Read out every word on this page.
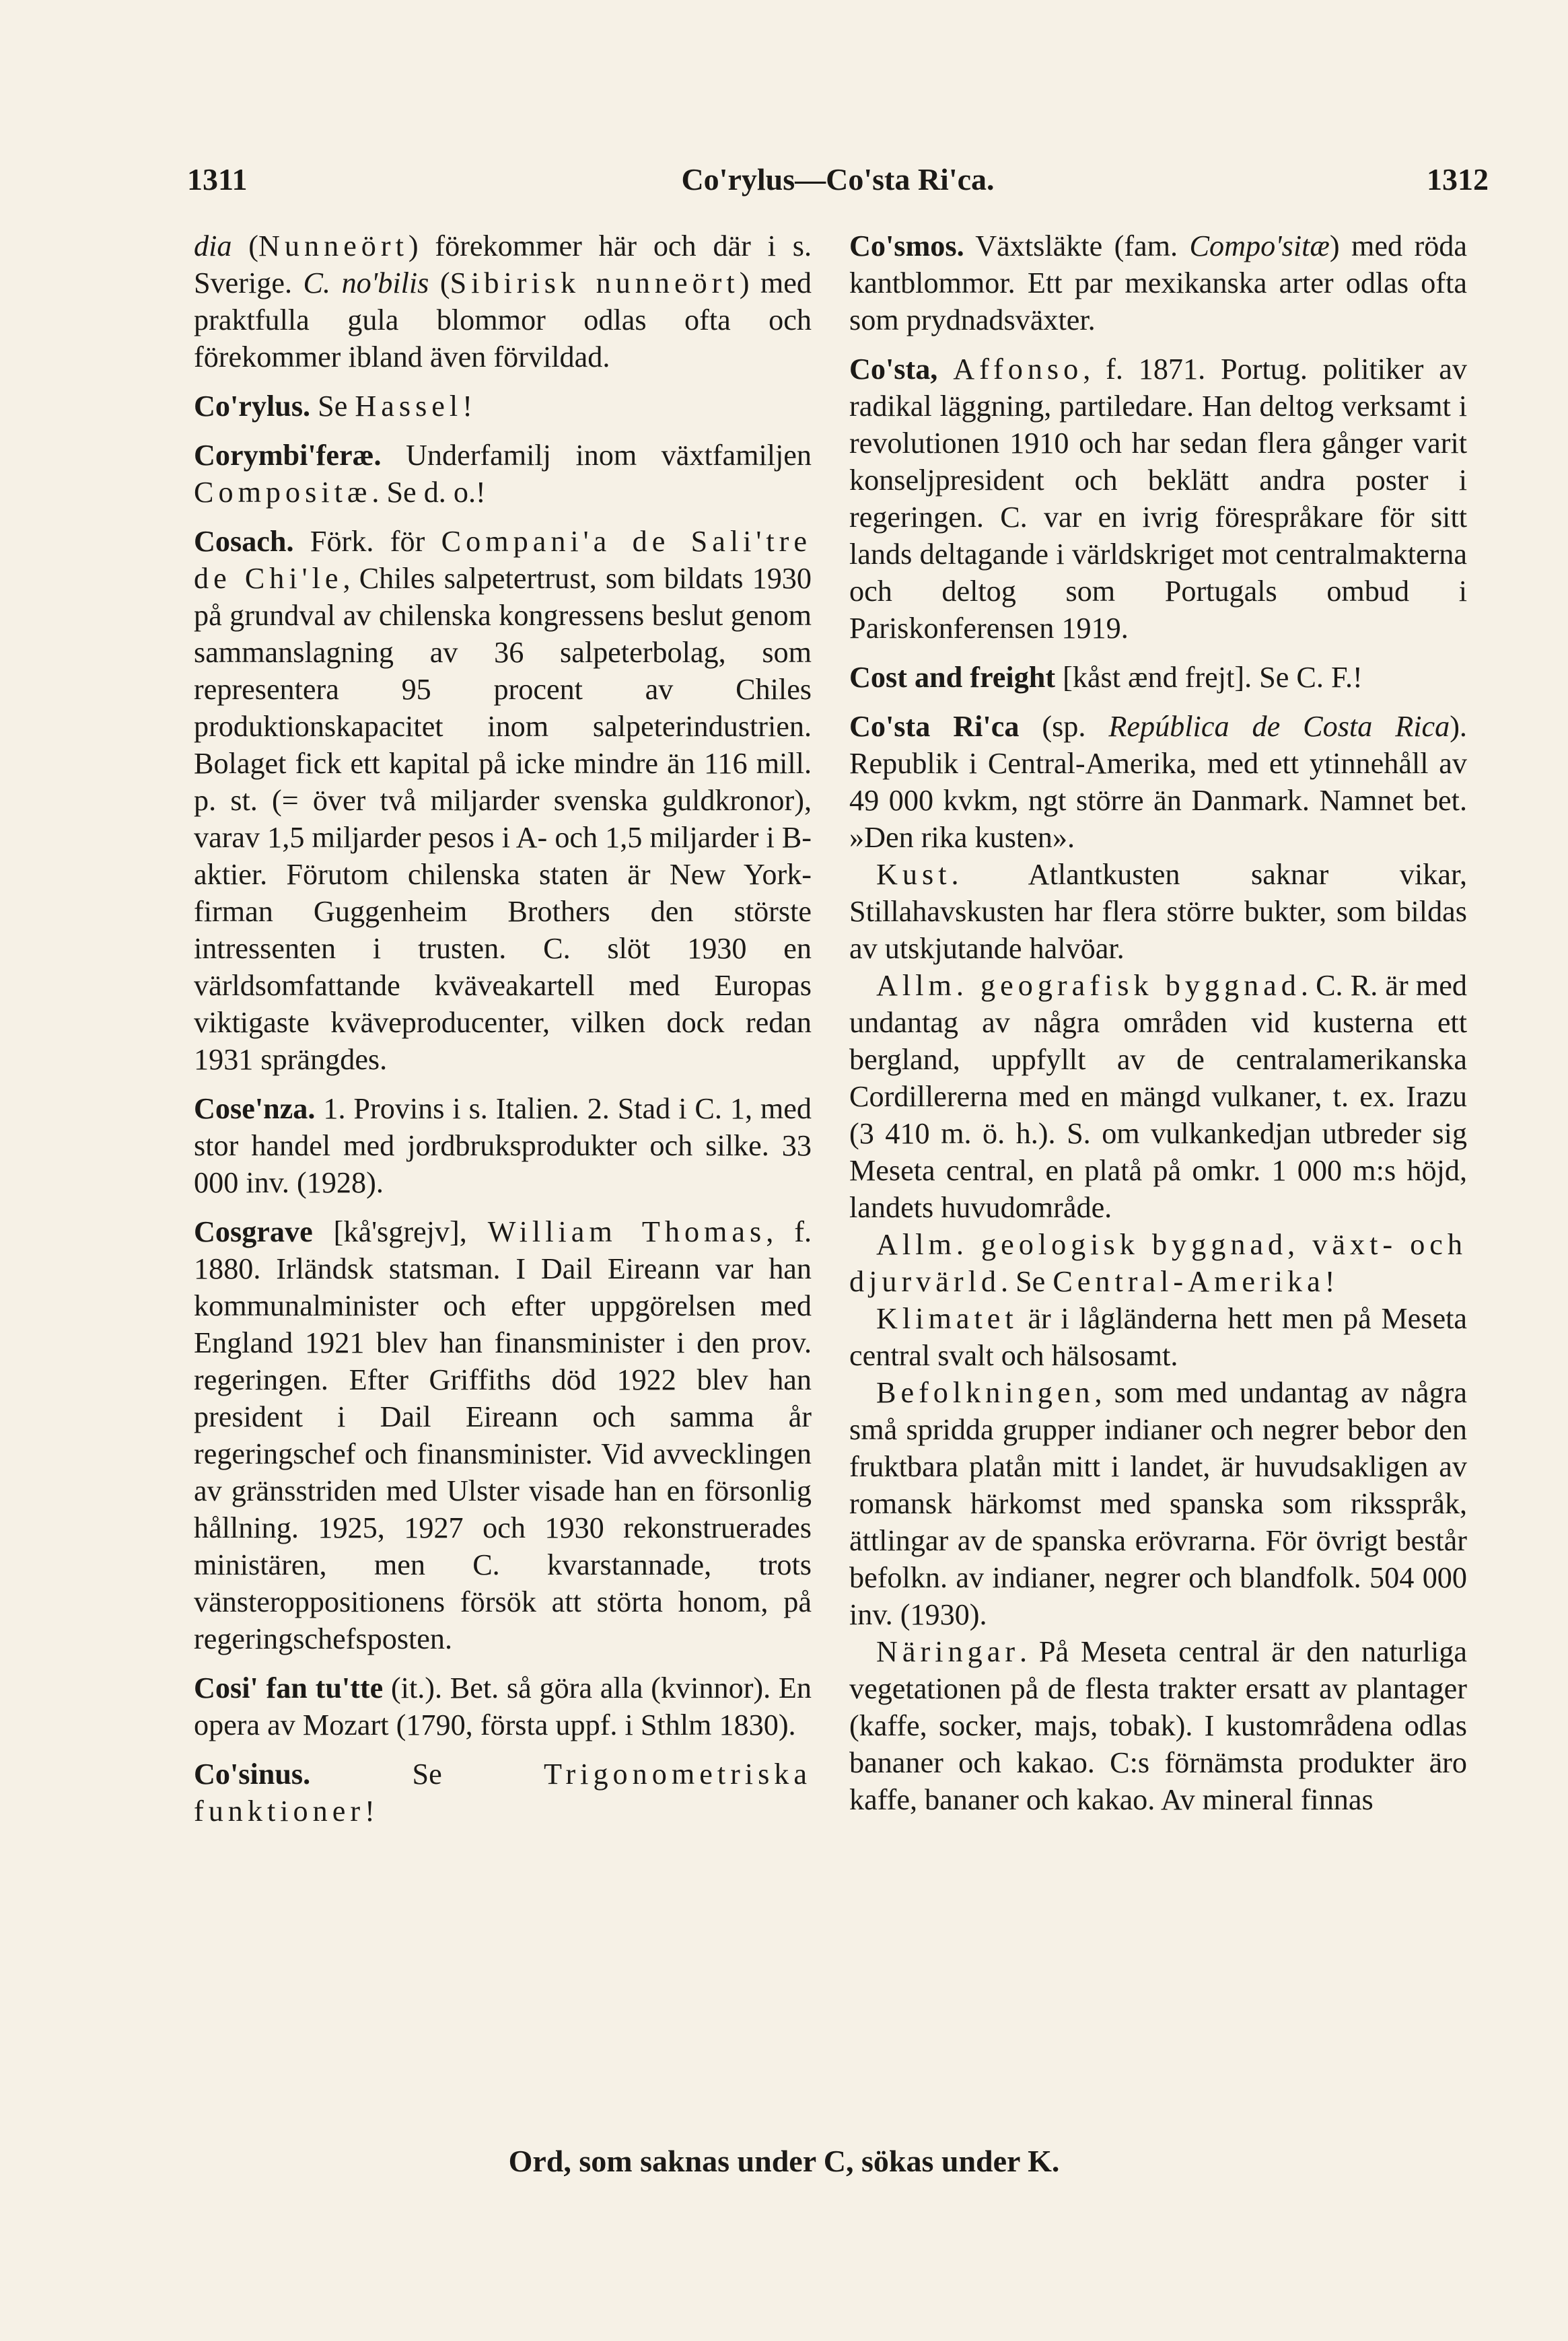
1311	Co'rylus—Co'sta Ri'ca.	1312

dia (Nunneört) förekommer här och där i s. Sverige. C. no'bilis (Sibirisk nunneört) med praktfulla gula blommor odlas ofta och förekommer ibland även förvildad.

Co'rylus. Se Hassel!

Corymbi'feræ. Underfamilj inom växtfamiljen Compositæ. Se d. o.!

Cosach. Förk. för Compani'a de Sali'tre de Chi'le, Chiles salpetertrust, som bildats 1930 på grundval av chilenska kongressens beslut genom sammanslagning av 36 salpeterbolag, som representera 95 procent av Chiles produktionskapacitet inom salpeterindustrien. Bolaget fick ett kapital på icke mindre än 116 mill. p. st. (= över två miljarder svenska guldkronor), varav 1,5 miljarder pesos i A- och 1,5 miljarder i B-aktier. Förutom chilenska staten är New York-firman Guggenheim Brothers den störste intressenten i trusten. C. slöt 1930 en världsomfattande kväveakartell med Europas viktigaste kväveproducenter, vilken dock redan 1931 sprängdes.

Cose'nza. 1. Provins i s. Italien. 2. Stad i C. 1, med stor handel med jordbruksprodukter och silke. 33 000 inv. (1928).

Cosgrave [kå'sgrejv], William Thomas, f. 1880. Irländsk statsman. I Dail Eireann var han kommunalminister och efter uppgörelsen med England 1921 blev han finansminister i den prov. regeringen. Efter Griffiths död 1922 blev han president i Dail Eireann och samma år regeringschef och finansminister. Vid avvecklingen av gränsstriden med Ulster visade han en försonlig hållning. 1925, 1927 och 1930 rekonstruerades ministären, men C. kvarstannade, trots vänsteroppositionens försök att störta honom, på regeringschefsposten.

Cosi' fan tu'tte (it.). Bet. så göra alla (kvinnor). En opera av Mozart (1790, första uppf. i Sthlm 1830).

Co'sinus. Se Trigonometriska funktioner!

Co'smos. Växtsläkte (fam. Compo'sitæ) med röda kantblommor. Ett par mexikanska arter odlas ofta som prydnadsväxter.

Co'sta, Affonso, f. 1871. Portug. politiker av radikal läggning, partiledare. Han deltog verksamt i revolutionen 1910 och har sedan flera gånger varit konseljpresident och beklätt andra poster i regeringen. C. var en ivrig förespråkare för sitt lands deltagande i världskriget mot centralmakterna och deltog som Portugals ombud i Pariskonferensen 1919.

Cost and freight [kåst ænd frejt]. Se C. F.!

Co'sta Ri'ca (sp. República de Costa Rica). Republik i Central-Amerika, med ett ytinnehåll av 49 000 kvkm, ngt större än Danmark. Namnet bet. »Den rika kusten».

Kust. Atlantkusten saknar vikar, Stillahavskusten har flera större bukter, som bildas av utskjutande halvöar.

Allm. geografisk byggnad. C. R. är med undantag av några områden vid kusterna ett bergland, uppfyllt av de centralamerikanska Cordillererna med en mängd vulkaner, t. ex. Irazu (3 410 m. ö. h.). S. om vulkankedjan utbreder sig Meseta central, en platå på omkr. 1 000 m:s höjd, landets huvudområde.

Allm. geologisk byggnad, växt- och djurvärld. Se Central-Amerika!

Klimatet är i lågländerna hett men på Meseta central svalt och hälsosamt.

Befolkningen, som med undantag av några små spridda grupper indianer och negrer bebor den fruktbara platån mitt i landet, är huvudsakligen av romansk härkomst med spanska som riksspråk, ättlingar av de spanska erövrarna. För övrigt består befolkn. av indianer, negrer och blandfolk. 504 000 inv. (1930).

Näringar. På Meseta central är den naturliga vegetationen på de flesta trakter ersatt av plantager (kaffe, socker, majs, tobak). I kustområdena odlas bananer och kakao. C:s förnämsta produkter äro kaffe, bananer och kakao. Av mineral finnas

Ord, som saknas under C, sökas under K.
